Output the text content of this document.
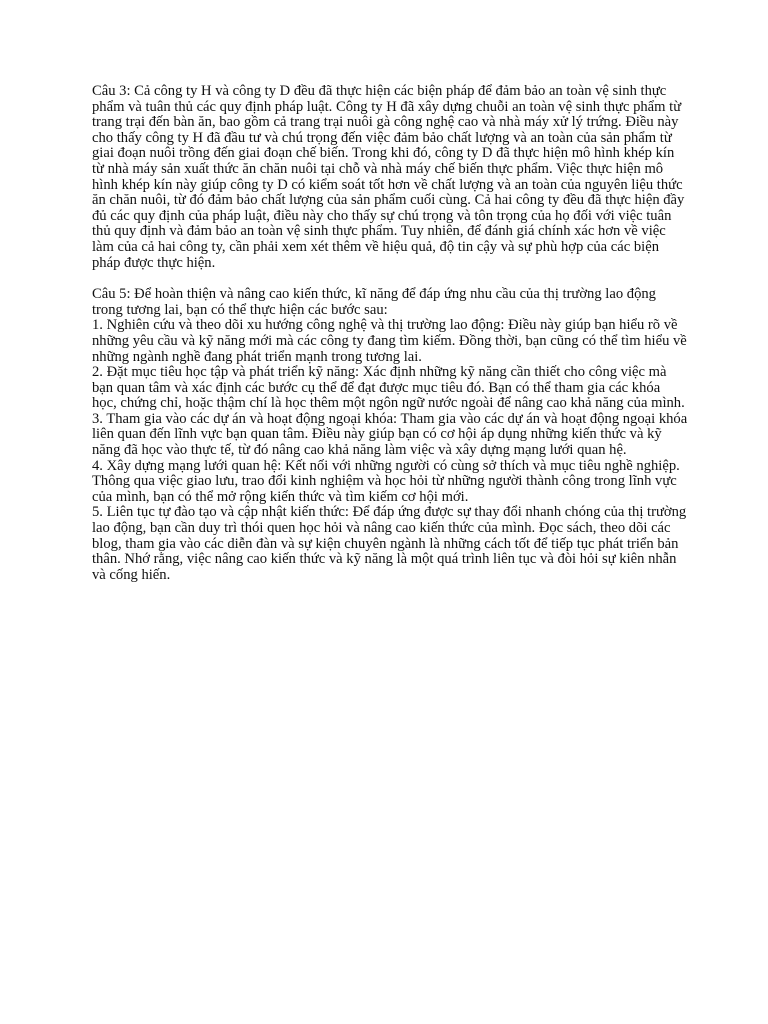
Câu 3: Cả công ty H và công ty D đều đã thực hiện các biện pháp để đảm bảo an toàn vệ sinh thực phẩm và tuân thủ các quy định pháp luật. Công ty H đã xây dựng chuỗi an toàn vệ sinh thực phẩm từ trang trại đến bàn ăn, bao gồm cả trang trại nuôi gà công nghệ cao và nhà máy xử lý trứng. Điều này cho thấy công ty H đã đầu tư và chú trọng đến việc đảm bảo chất lượng và an toàn của sản phẩm từ giai đoạn nuôi trồng đến giai đoạn chế biến. Trong khi đó, công ty D đã thực hiện mô hình khép kín từ nhà máy sản xuất thức ăn chăn nuôi tại chỗ và nhà máy chế biến thực phẩm. Việc thực hiện mô hình khép kín này giúp công ty D có kiểm soát tốt hơn về chất lượng và an toàn của nguyên liệu thức ăn chăn nuôi, từ đó đảm bảo chất lượng của sản phẩm cuối cùng. Cả hai công ty đều đã thực hiện đầy đủ các quy định của pháp luật, điều này cho thấy sự chú trọng và tôn trọng của họ đối với việc tuân thủ quy định và đảm bảo an toàn vệ sinh thực phẩm. Tuy nhiên, để đánh giá chính xác hơn về việc làm của cả hai công ty, cần phải xem xét thêm về hiệu quả, độ tin cậy và sự phù hợp của các biện pháp được thực hiện.

Câu 5: Để hoàn thiện và nâng cao kiến thức, kĩ năng để đáp ứng nhu cầu của thị trường lao động trong tương lai, bạn có thể thực hiện các bước sau:

1. Nghiên cứu và theo dõi xu hướng công nghệ và thị trường lao động: Điều này giúp bạn hiểu rõ về những yêu cầu và kỹ năng mới mà các công ty đang tìm kiếm. Đồng thời, bạn cũng có thể tìm hiểu về những ngành nghề đang phát triển mạnh trong tương lai.

2. Đặt mục tiêu học tập và phát triển kỹ năng: Xác định những kỹ năng cần thiết cho công việc mà bạn quan tâm và xác định các bước cụ thể để đạt được mục tiêu đó. Bạn có thể tham gia các khóa học, chứng chỉ, hoặc thậm chí là học thêm một ngôn ngữ nước ngoài để nâng cao khả năng của mình.

3. Tham gia vào các dự án và hoạt động ngoại khóa: Tham gia vào các dự án và hoạt động ngoại khóa liên quan đến lĩnh vực bạn quan tâm. Điều này giúp bạn có cơ hội áp dụng những kiến thức và kỹ năng đã học vào thực tế, từ đó nâng cao khả năng làm việc và xây dựng mạng lưới quan hệ.

4. Xây dựng mạng lưới quan hệ: Kết nối với những người có cùng sở thích và mục tiêu nghề nghiệp. Thông qua việc giao lưu, trao đổi kinh nghiệm và học hỏi từ những người thành công trong lĩnh vực của mình, bạn có thể mở rộng kiến thức và tìm kiếm cơ hội mới.

5. Liên tục tự đào tạo và cập nhật kiến thức: Để đáp ứng được sự thay đổi nhanh chóng của thị trường lao động, bạn cần duy trì thói quen học hỏi và nâng cao kiến thức của mình. Đọc sách, theo dõi các blog, tham gia vào các diễn đàn và sự kiện chuyên ngành là những cách tốt để tiếp tục phát triển bản thân. Nhớ rằng, việc nâng cao kiến thức và kỹ năng là một quá trình liên tục và đòi hỏi sự kiên nhẫn và cống hiến.
